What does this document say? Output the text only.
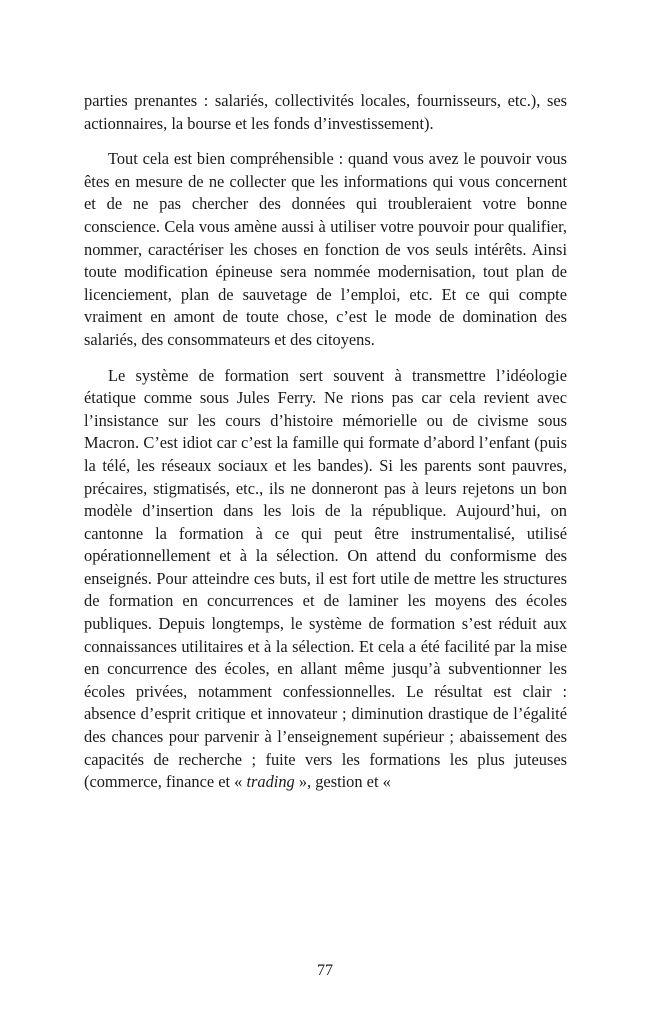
parties prenantes : salariés, collectivités locales, fournisseurs, etc.), ses actionnaires, la bourse et les fonds d’investissement).

Tout cela est bien compréhensible : quand vous avez le pouvoir vous êtes en mesure de ne collecter que les informations qui vous concernent et de ne pas chercher des données qui troubleraient votre bonne conscience. Cela vous amène aussi à utiliser votre pouvoir pour qualifier, nommer, caractériser les choses en fonction de vos seuls intérêts. Ainsi toute modification épineuse sera nommée modernisation, tout plan de licenciement, plan de sauvetage de l’emploi, etc. Et ce qui compte vraiment en amont de toute chose, c’est le mode de domination des salariés, des consommateurs et des citoyens.

Le système de formation sert souvent à transmettre l’idéologie étatique comme sous Jules Ferry. Ne rions pas car cela revient avec l’insistance sur les cours d’histoire mémorielle ou de civisme sous Macron. C’est idiot car c’est la famille qui formate d’abord l’enfant (puis la télé, les réseaux sociaux et les bandes). Si les parents sont pauvres, précaires, stigmatisés, etc., ils ne donneront pas à leurs rejetons un bon modèle d’insertion dans les lois de la république. Aujourd’hui, on cantonne la formation à ce qui peut être instrumentalisé, utilisé opérationnellement et à la sélection. On attend du conformisme des enseignés. Pour atteindre ces buts, il est fort utile de mettre les structures de formation en concurrences et de laminer les moyens des écoles publiques. Depuis longtemps, le système de formation s’est réduit aux connaissances utilitaires et à la sélection. Et cela a été facilité par la mise en concurrence des écoles, en allant même jusqu’à subventionner les écoles privées, notamment confessionnelles. Le résultat est clair : absence d’esprit critique et innovateur ; diminution drastique de l’égalité des chances pour parvenir à l’enseignement supérieur ; abaissement des capacités de recherche ; fuite vers les formations les plus juteuses (commerce, finance et « trading », gestion et «

77
